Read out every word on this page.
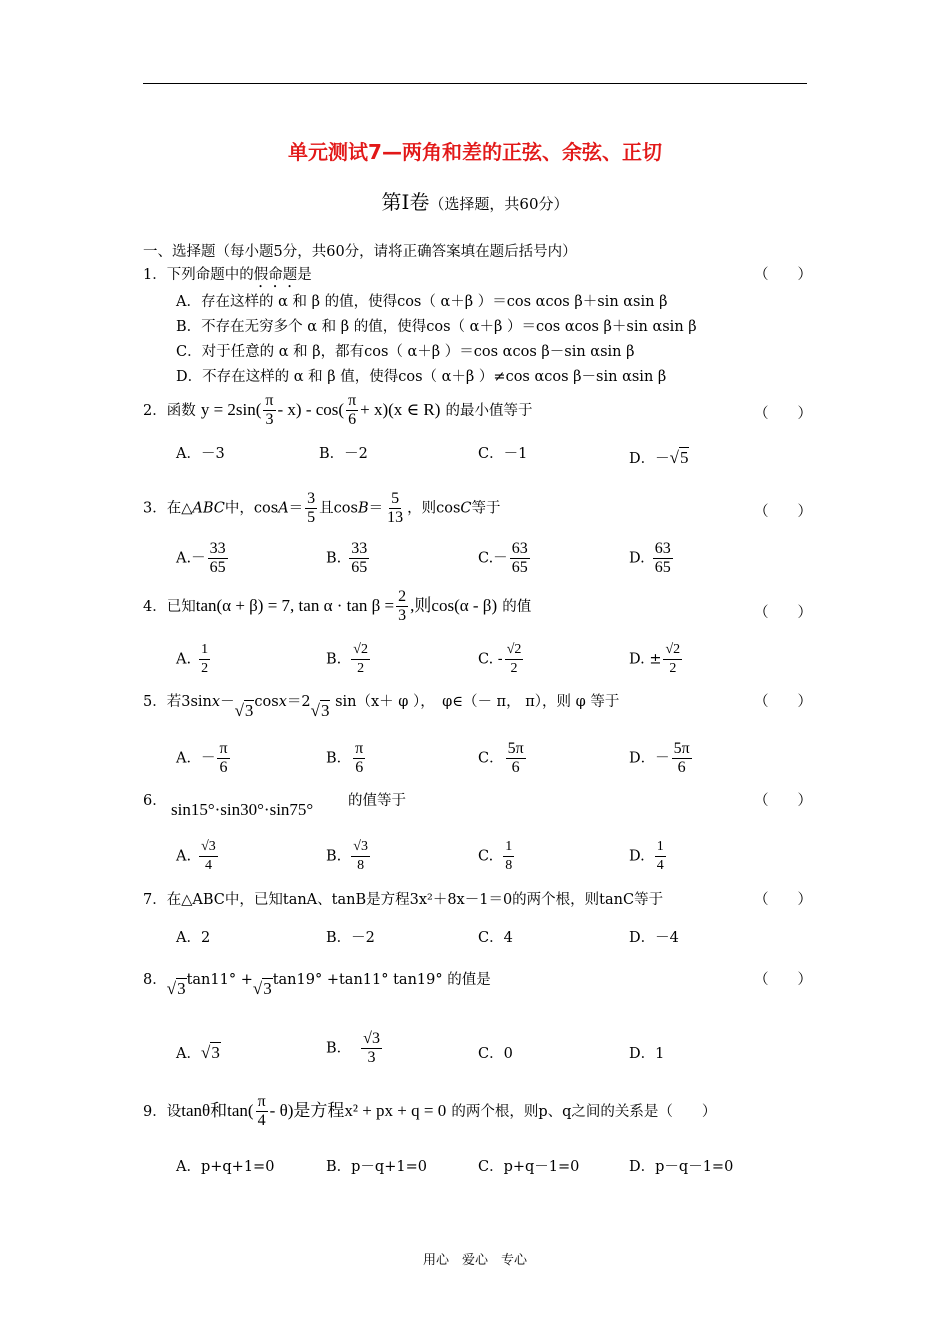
单元测试7—两角和差的正弦、余弦、正切
第Ⅰ卷（选择题，共60分）
一、选择题（每小题5分，共60分，请将正确答案填在题后括号内）
1．下列命题中的假命题是	（　　）
A．存在这样的 α 和 β 的值，使得cos（ α＋β ）＝cos αcos β＋sin αsin β
B．不存在无穷多个 α 和 β 的值，使得cos（ α＋β ）＝cos αcos β＋sin αsin β
C．对于任意的 α 和 β，都有cos（ α＋β ）＝cos αcos β－sin αsin β
D．不存在这样的 α 和 β 值，使得cos（ α＋β ）≠cos αcos β－sin αsin β
2．函数 $y = 2\sin( \frac{\pi}{3} - x) - \cos( \frac{\pi}{6} + x)(x$ ∈ R) 的最小值等于	（　　）
A．－3	B．－2	C．－1	D．－√5
3．在△ABC中，$\cos A= \frac{3}{5}$ 且$\cos B= \frac{5}{13}$ ，则cosC等于	（　　）
$A.- \frac{33}{65}$	B. $\frac{33}{65}$	$C.- \frac{63}{65}$	D. $\frac{63}{65}$
4．已知tan(α + β) = 7, $\tan \alpha \cdot \tan \beta = \frac{2}{3}$ ,则cos(α - β) 的值	（　　）
A. $\frac{1}{2}$	B. $\frac{√2}{2}$	C. - $\frac{√2}{2}$	D. ± $\frac{√2}{2}$
5．若3sinx－√3cosx＝2√3 sin（x＋ φ ），　 φ∈（－ π， π），则 φ 等于	（　　）
A．－ $\frac{\pi}{6}$	B． $\frac{\pi}{6}$	C． $\frac{5\pi}{6}$	D．－ $\frac{5\pi}{6}$
6． sin15°·sin30°·sin75° 的值等于	（　　）
A. $\frac{√3}{4}$	B. $\frac{√3}{8}$	C. $\frac{1}{8}$	D. $\frac{1}{4}$
7．在△ABC中，已知tanA、tanB是方程3x²＋8x－1＝0的两个根，则tanC等于	（　　）
A．2	B．－2	C．4	D．－4
8．√3tan11° +√3tan19° +tan11° tan19° 的值是	（　　）
A．√3	B． $\frac{√3}{3}$	C．0	D．1
9．设tanθ和$\tan( \frac{\pi}{4} - \theta)$是方程x² + px + q = 0 的两个根，则p、q之间的关系是（　　）
A．p+q+1=0	B．p－q+1=0	C．p+q－1=0	D．p－q－1=0
用心　爱心　专心
